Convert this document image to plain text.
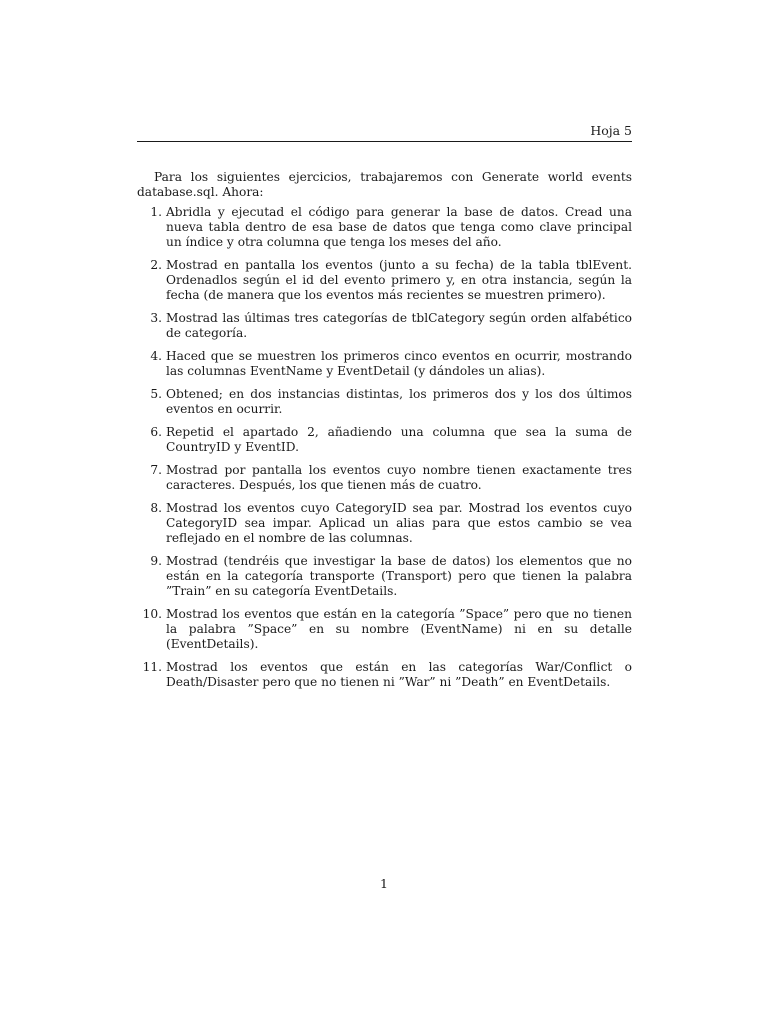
Hoja 5

Para los siguientes ejercicios, trabajaremos con Generate world events database.sql. Ahora:

1. Abridla y ejecutad el código para generar la base de datos. Cread una nueva tabla dentro de esa base de datos que tenga como clave principal un índice y otra columna que tenga los meses del año.
2. Mostrad en pantalla los eventos (junto a su fecha) de la tabla tblEvent. Ordenadlos según el id del evento primero y, en otra instancia, según la fecha (de manera que los eventos más recientes se muestren primero).
3. Mostrad las últimas tres categorías de tblCategory según orden alfabético de categoría.
4. Haced que se muestren los primeros cinco eventos en ocurrir, mostrando las columnas EventName y EventDetail (y dándoles un alias).
5. Obtened; en dos instancias distintas, los primeros dos y los dos últimos eventos en ocurrir.
6. Repetid el apartado 2, añadiendo una columna que sea la suma de CountryID y EventID.
7. Mostrad por pantalla los eventos cuyo nombre tienen exactamente tres caracteres. Después, los que tienen más de cuatro.
8. Mostrad los eventos cuyo CategoryID sea par. Mostrad los eventos cuyo CategoryID sea impar. Aplicad un alias para que estos cambio se vea reflejado en el nombre de las columnas.
9. Mostrad (tendréis que investigar la base de datos) los elementos que no están en la categoría transporte (Transport) pero que tienen la palabra ”Train” en su categoría EventDetails.
10. Mostrad los eventos que están en la categoría ”Space” pero que no tienen la palabra ”Space” en su nombre (EventName) ni en su detalle (EventDetails).
11. Mostrad los eventos que están en las categorías War/Conflict o Death/Disaster pero que no tienen ni ”War” ni ”Death” en EventDetails.
1
